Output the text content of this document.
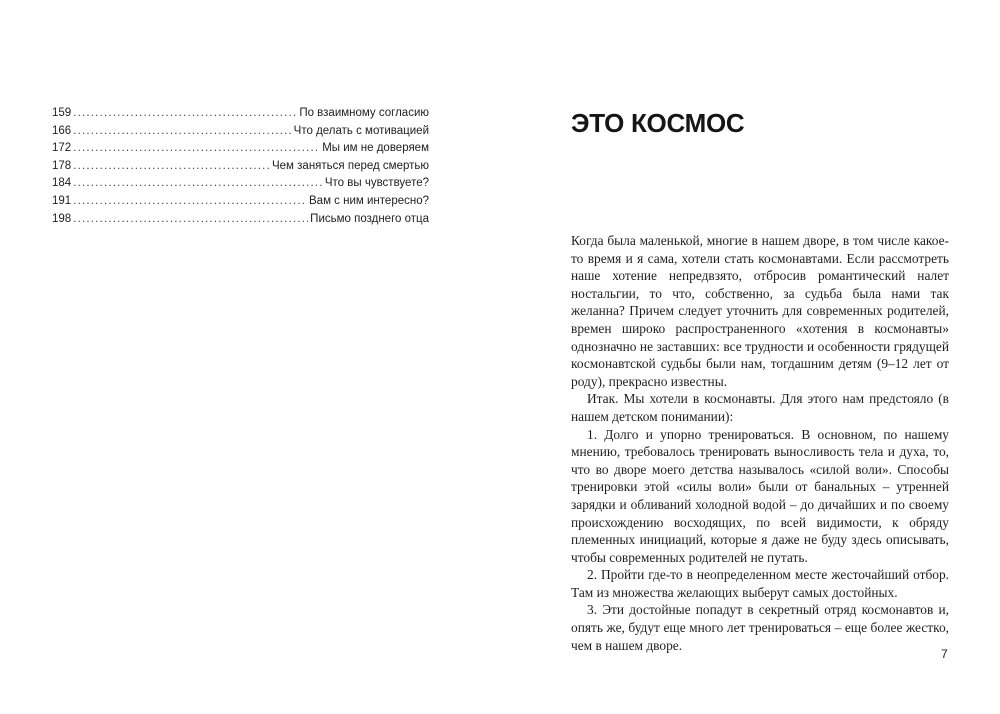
159 .....	По взаимному согласию
166 .....	Что делать с мотивацией
172 .....	Мы им не доверяем
178 .....	Чем заняться перед смертью
184 .....	Что вы чувствуете?
191 .....	Вам с ним интересно?
198 .....	Письмо позднего отца
ЭТО КОСМОС

Когда была маленькой, многие в нашем дворе, в том числе какое-то время и я сама, хотели стать космонавтами. Если рассмотреть наше хотение непредвзято, отбросив романтический налет ностальгии, то что, собственно, за судьба была нами так желанна? Причем следует уточнить для современных родителей, времен широко распространенного «хотения в космонавты» однозначно не заставших: все трудности и особенности грядущей космонавтской судьбы были нам, тогдашним детям (9–12 лет от роду), прекрасно известны.

Итак. Мы хотели в космонавты. Для этого нам предстояло (в нашем детском понимании):

1. Долго и упорно тренироваться. В основном, по нашему мнению, требовалось тренировать выносливость тела и духа, то, что во дворе моего детства называлось «силой воли». Способы тренировки этой «силы воли» были от банальных – утренней зарядки и обливаний холодной водой – до дичайших и по своему происхождению восходящих, по всей видимости, к обряду племенных инициаций, которые я даже не буду здесь описывать, чтобы современных родителей не путать.

2. Пройти где-то в неопределенном месте жесточайший отбор. Там из множества желающих выберут самых достойных.

3. Эти достойные попадут в секретный отряд космонавтов и, опять же, будут еще много лет тренироваться – еще более жестко, чем в нашем дворе.

7
